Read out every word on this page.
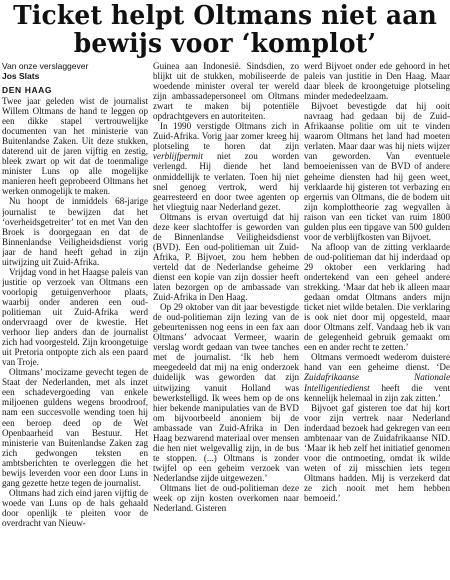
Ticket helpt Oltmans niet aan bewijs voor ‘komplot’
Van onze verslaggever
Jos Slats
DEN HAAG

Twee jaar geleden wist de journalist Willem Oltmans de hand te leggen op een dikke stapel vertrouwelijke documenten van het ministerie van Buitenlandse Zaken. Uit deze stukken, daterend uit de jaren vijftig en zestig, bleek zwart op wit dat de toenmalige minister Luns op alle mogelijke manieren heeft geprobeerd Oltmans het werken onmogelijk te maken.

Nu hoopt de inmiddels 68-jarige journalist te bewijzen dat het ‘overheidsgetreiter’ tot en met Van den Broek is doorgegaan en dat de Binnenlandse Veiligheidsdienst vorig jaar de hand heeft gehad in zijn uitwijzing uit Zuid-Afrika.

Vrijdag vond in het Haagse paleis van justitie op verzoek van Oltmans een voorlopig getuigenverhoor plaats, waarbij onder anderen een oud-politieman uit Zuid-Afrika werd ondervraagd over de kwestie. Het verhoor liep anders dan de journalist zich had voorgesteld. Zijn kroongetuige uit Pretoria ontpopte zich als een paard van Troje.

Oltmans’ mocizame gevecht tegen de Staat der Nederlanden, met als inzet een schadevergoeding van enkele miljoenen guldens wegens broodroof, nam een succesvolle wending toen hij een beroep deed op de Wet Openbaarheid van Bestuur. Het ministerie van Buitenlandse Zaken zag zich gedwongen teksten en ambtsberichten te overleggen die het bewijs leverden voor een door Luns in gang gezette hetze tegen de journalist.

Oltmans had zich eind jaren vijftig de woede van Luns op de hals gehaald door openlijk te pleiten voor de overdracht van Nieuw-

Guinea aan Indonesië. Sindsdien, zo blijkt uit de stukken, mobiliseerde de woedende minister overal ter wereld zijn ambassadepersoneel om Oltmans zwart te maken bij potentiële opdrachtgevers en autoriteiten.

In 1990 verstigde Oltmans zich in Zuid-Afrika. Vorig jaar zomer kreeg hij plotseling te horen dat zijn verblijfpermit niet zou worden verlengd. Hij diende het land onmiddellijk te verlaten. Toen hij niet snel genoeg vertrok, werd hij gearresteerd en door twee agenten op het vliegtuig naar Nederland gezet.

Oltmans is ervan overtuigd dat hij deze keer slachtoffer is geworden van de Binnenlandse Veiligheidsdienst (BVD). Een oud-politieman uit Zuid-Afrika, P. Bijvoet, zou hem hebben verteld dat de Nederlandse geheime dienst een kopie van zijn dossier heeft laten bezorgen op de ambassade van Zuid-Afrika in Den Haag.

Op 29 oktober van dit jaar bevestigde de oud-politieman zijn lezing van de gebeurtenissen nog eens in een fax aan Oltmans’ advocaat Vermeer, waarin verslag wordt gedaan van twee tanches met de journalist. ‘Ik heb hem meegedeeld dat mij na enig onderzoek duidelijk was geworden dat zijn uitwijzing vanuit Holland was bewerkstelligd. Ik wees hem op de ons hier bekende manipulaties van de BVD om bijvoorbeeld anoniem bij de ambassade van Zuid-Afrika in Den Haag bezwarend materiaal over mensen die hen niet welgevallig zijn, in de bus te stoppen. (...) Oltmans is zonder twijfel op een geheim verzoek van Nederlandse zijde uitgewezen.’

Oltmans liet de oud-politieman deze week op zijn kosten overkomen naar Nederland. Gisteren

werd Bijvoet onder ede gehoord in het paleis van justitie in Den Haag. Maar daar bleek de kroongetuige plotseling minder mededeelzaam.

Bijvoet bevestigde dat hij ooit navraag had gedaan bij de Zuid-Afrikaanse politie om uit te vinden waarom Oltmans het land had moeten verlaten. Maar daar was hij niets wijzer van geworden. Van eventuele bemoeienissen van de BVD of andere geheime diensten had hij geen weet, verklaarde hij gisteren tot verbazing en ergernis van Oltmans, die de bodem uit zijn komplottheorie zag wegvallen à raison van een ticket van ruim 1800 gulden plus een tipgave van 500 gulden voor de verblijfkosten van Bijvoet.

Na afloop van de zitting verklaarde de oud-politieman dat hij inderdaad op 29 oktober een verklaring had ondertekend van een geheel andere strekking. ‘Maar dat heb ik alleen maar gedaan omdat Oltmans anders mijn ticket niet wilde betalen. Die verklaring is ook niet door mij opgesteld, maar door Oltmans zelf. Vandaag heb ik van de gelegenheid gebruik gemaakt om een en ander recht te zetten.’

Oltmans vermoedt wederom duistere hand van een geheime dienst. ‘De Zuidafrikaanse Nationale Intelligentiedienst heeft die vent kennelijk helemaal in zijn zak zitten.’

Bijvoet gaf gisteren toe dat hij kort voor zijn vertrek naar Nederland inderdaad bezoek had gekregen van een ambtenaar van de Zuidafrikaanse NID. ‘Maar ik heb zelf het initiatief genomen voor die ontmoeting, omdat ik wilde weten of zij misschien iets tegen Oltmans hadden. Mij is verzekerd dat ze zich nooit met hem hebben bemoeid.’
